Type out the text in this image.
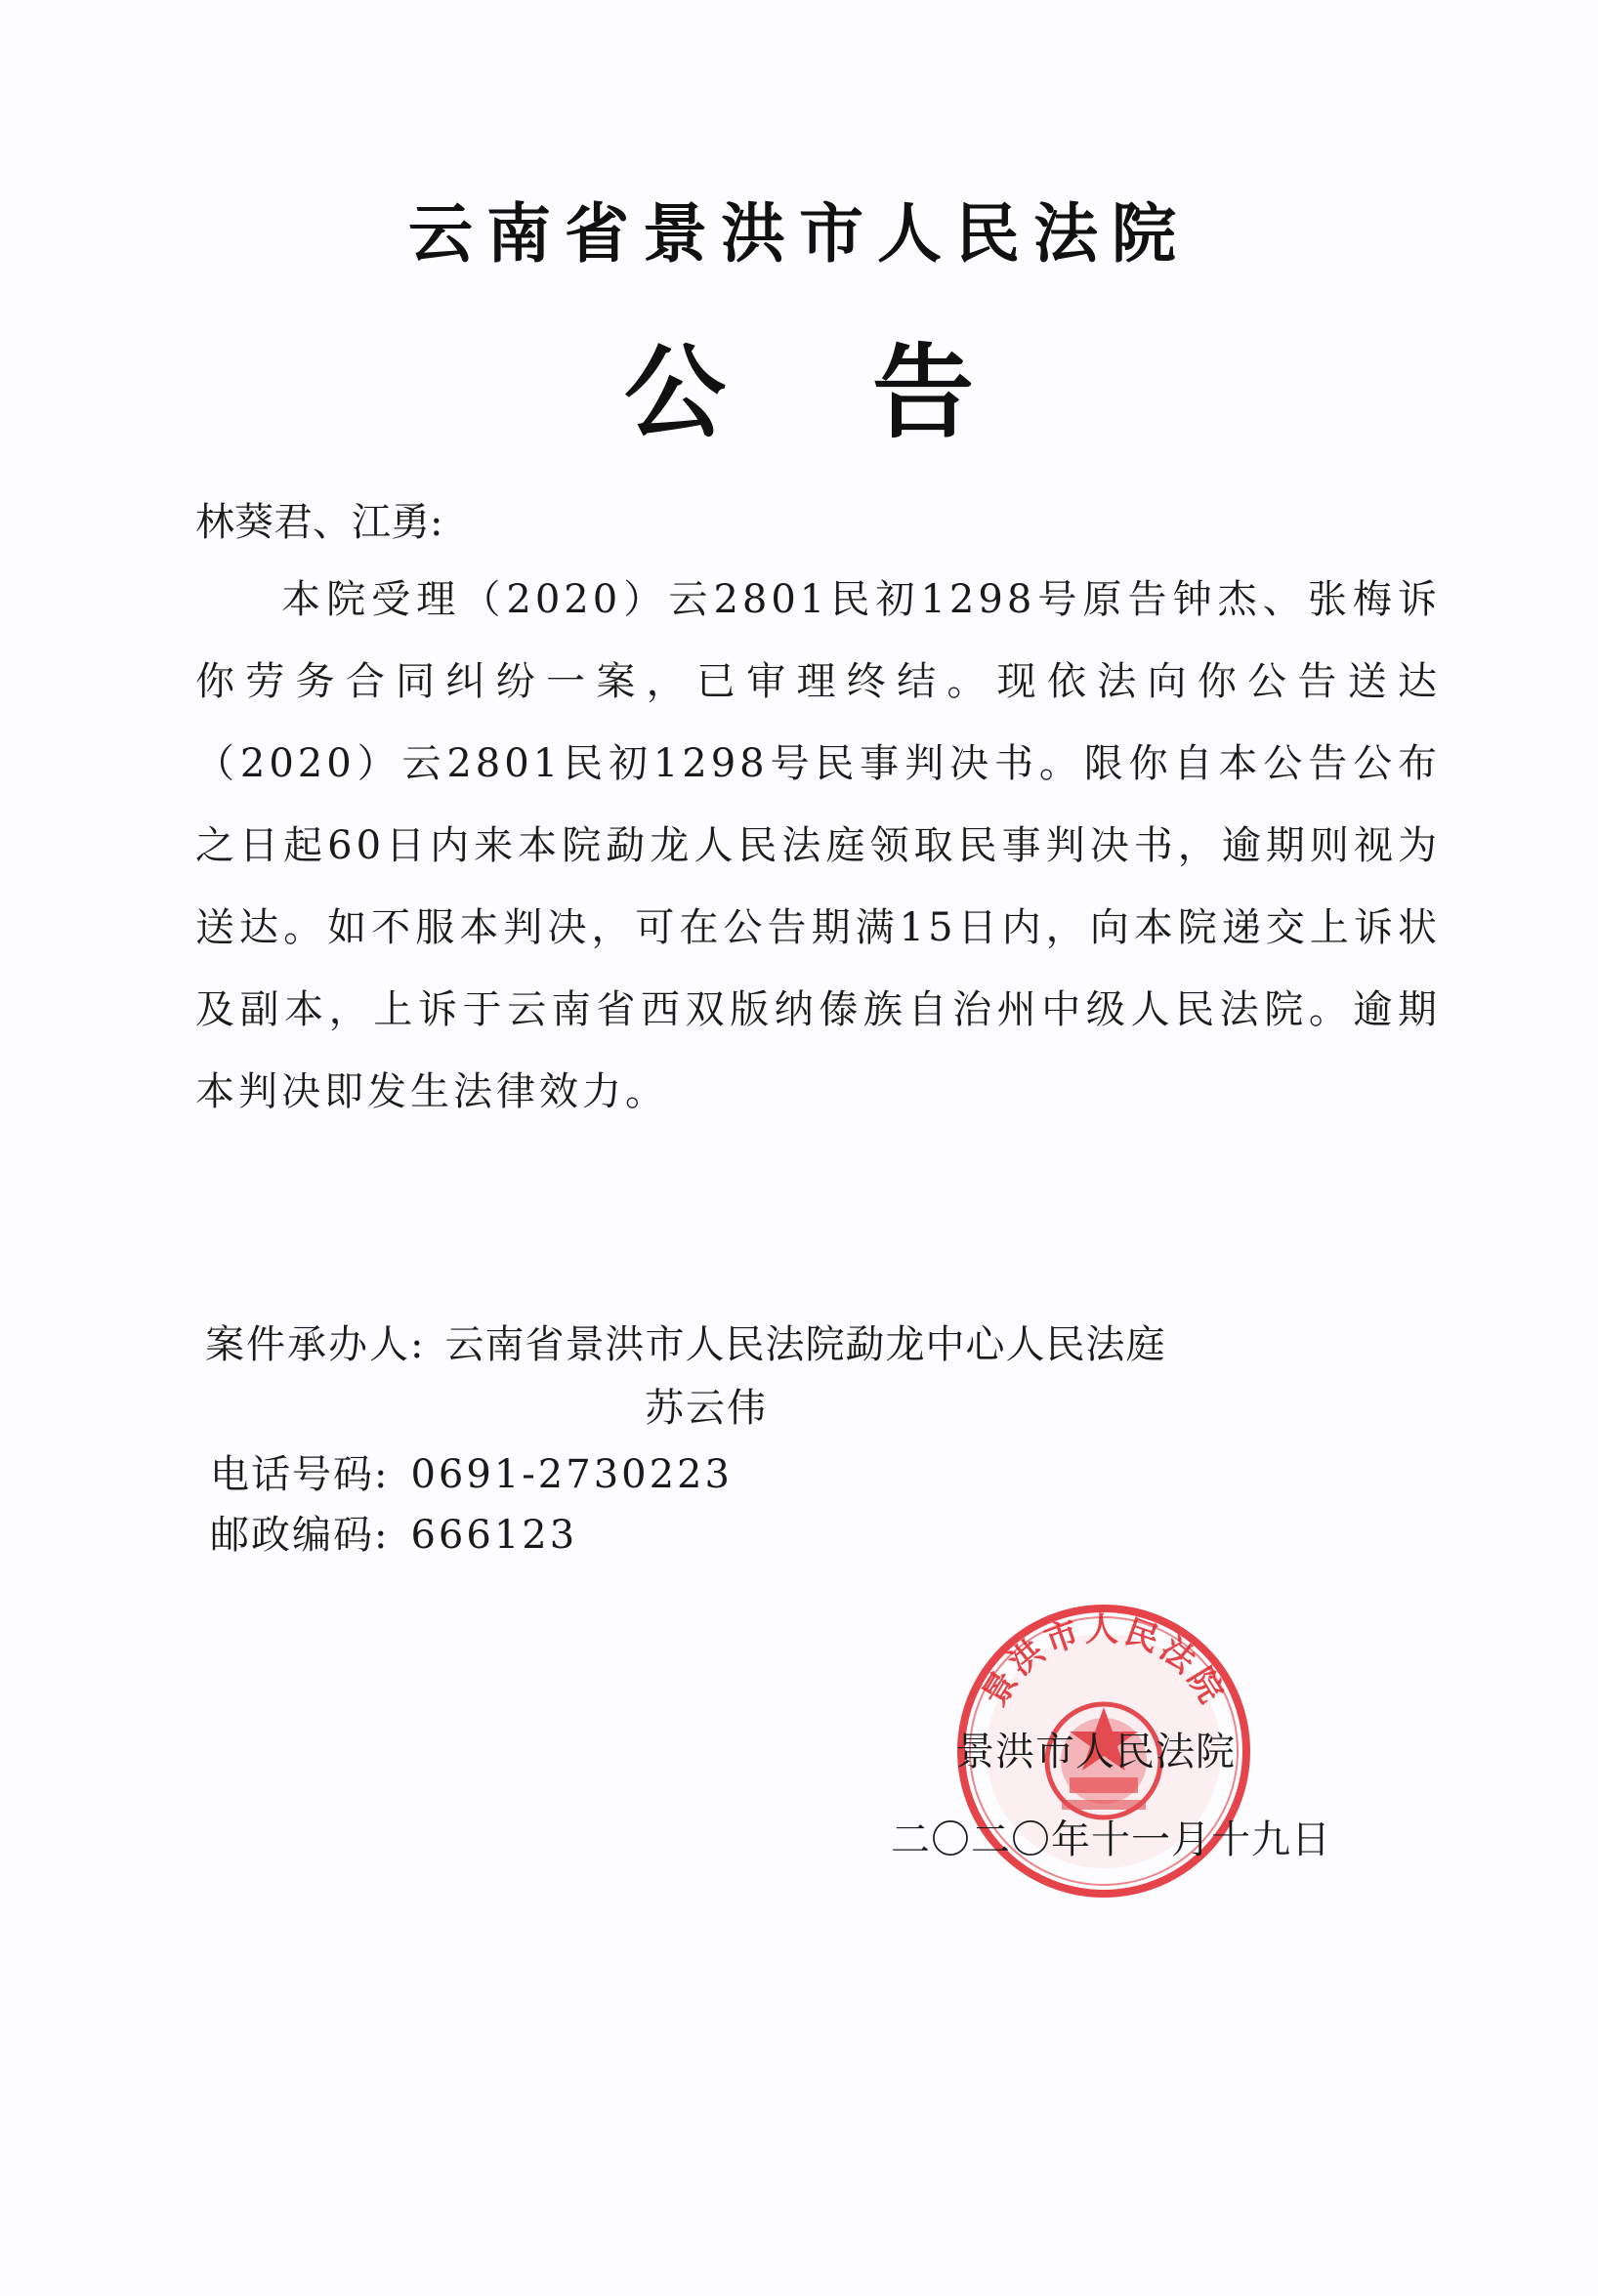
云南省景洪市人民法院
公告
林葵君、江勇:
本院受理（2020）云2801民初1298号原告钟杰、张梅诉你劳务合同纠纷一案，已审理终结。现依法向你公告送达（2020）云2801民初1298号民事判决书。限你自本公告公布之日起60日内来本院勐龙人民法庭领取民事判决书，逾期则视为送达。如不服本判决，可在公告期满15日内，向本院递交上诉状及副本，上诉于云南省西双版纳傣族自治州中级人民法院。逾期本判决即发生法律效力。
案件承办人: 云南省景洪市人民法院勐龙中心人民法庭
苏云伟
电话号码: 0691-2730223
邮政编码: 666123
景洪市人民法院
景洪市人民法院
二〇二〇年十一月十九日
